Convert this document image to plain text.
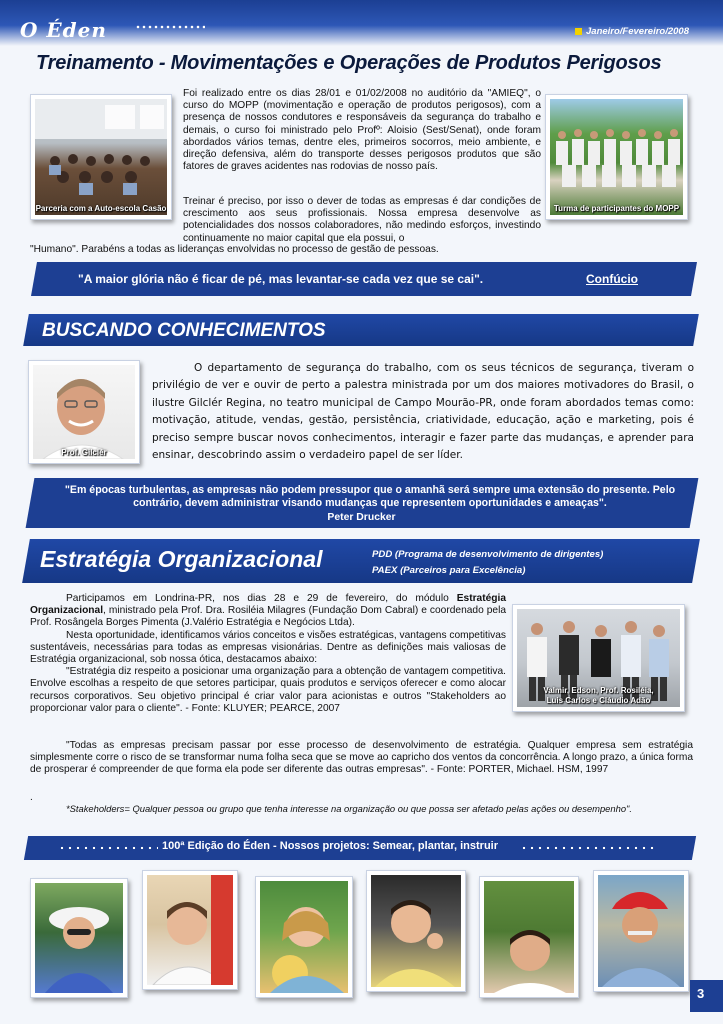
O Éden	Janeiro/Fevereiro/2008
Treinamento - Movimentações e Operações de Produtos Perigosos
Parceria com a Auto-escola Casão	Turma de participantes do MOPP
Foi realizado entre os dias 28/01 e 01/02/2008 no auditório da "AMIEQ", o curso do MOPP (movimentação e operação de produtos perigosos), com a presença de nossos condutores e responsáveis da segurança do trabalho e demais, o curso foi ministrado pelo Profº: Aloisio (Sest/Senat), onde foram abordados vários temas, dentre eles, primeiros socorros, meio ambiente, e direção defensiva, além do transporte desses perigosos produtos que são fatores de graves acidentes nas rodovias de nosso país.
Treinar é preciso, por isso o dever de todas as empresas é dar condições de crescimento aos seus profissionais. Nossa empresa desenvolve as potencialidades dos nossos colaboradores, não medindo esforços, investindo continuamente no maior capital que ela possui, o
"Humano". Parabéns a todas as lideranças envolvidas no processo de gestão de pessoas.
"A maior glória não é ficar de pé, mas levantar-se cada vez que se cai".	Confúcio
BUSCANDO CONHECIMENTOS
Prof. Gilclér
O departamento de segurança do trabalho, com os seus técnicos de segurança, tiveram o privilégio de ver e ouvir de perto a palestra ministrada por um dos maiores motivadores do Brasil, o ilustre Gilclér Regina, no teatro municipal de Campo Mourão-PR, onde foram abordados temas como: motivação, atitude, vendas, gestão, persistência, criatividade, educação, ação e marketing, pois é preciso sempre buscar novos conhecimentos, interagir e fazer parte das mudanças, e aprender para ensinar, descobrindo assim o verdadeiro papel de ser líder.
"Em épocas turbulentas, as empresas não podem pressupor que o amanhã será sempre uma extensão do presente. Pelo contrário, devem administrar visando mudanças que representem oportunidades e ameaças".
Peter Drucker
Estratégia Organizacional	PDD (Programa de desenvolvimento de dirigentes)
PAEX (Parceiros para Excelência)

Participamos em Londrina-PR, nos dias 28 e 29 de fevereiro, do módulo Estratégia Organizacional, ministrado pela Prof. Dra. Rosiléia Milagres (Fundação Dom Cabral) e coordenado pela Prof. Rosângela Borges Pimenta (J.Valério Estratégia e Negócios Ltda).

Nesta oportunidade, identificamos vários conceitos e visões estratégicas, vantagens competitivas sustentáveis, necessárias para todas as empresas visionárias. Dentre as definições mais valiosas de Estratégia organizacional, sob nossa ótica, destacamos abaixo:

"Estratégia diz respeito a posicionar uma organização para a obtenção de vantagem competitiva. Envolve escolhas a respeito de que setores participar, quais produtos e serviços oferecer e como alocar recursos corporativos. Seu objetivo principal é criar valor para acionistas e outros "Stakeholders ao proporcionar valor para o cliente". - Fonte: KLUYER; PEARCE, 2007

Valmir, Edson, Prof. Rosiléia,
Luis Carlos e Cláudio Adão
"Todas as empresas precisam passar por esse processo de desenvolvimento de estratégia. Qualquer empresa sem estratégia simplesmente corre o risco de se transformar numa folha seca que se move ao capricho dos ventos da concorrência. A longo prazo, a única forma de prosperar é compreender de que forma ela pode ser diferente das outras empresas". - Fonte: PORTER, Michael. HSM, 1997
.
*Stakeholders= Qualquer pessoa ou grupo que tenha interesse na organização ou que possa ser afetado pelas ações ou desempenho".
100ª Edição do Éden - Nossos projetos: Semear, plantar, instruir
3
